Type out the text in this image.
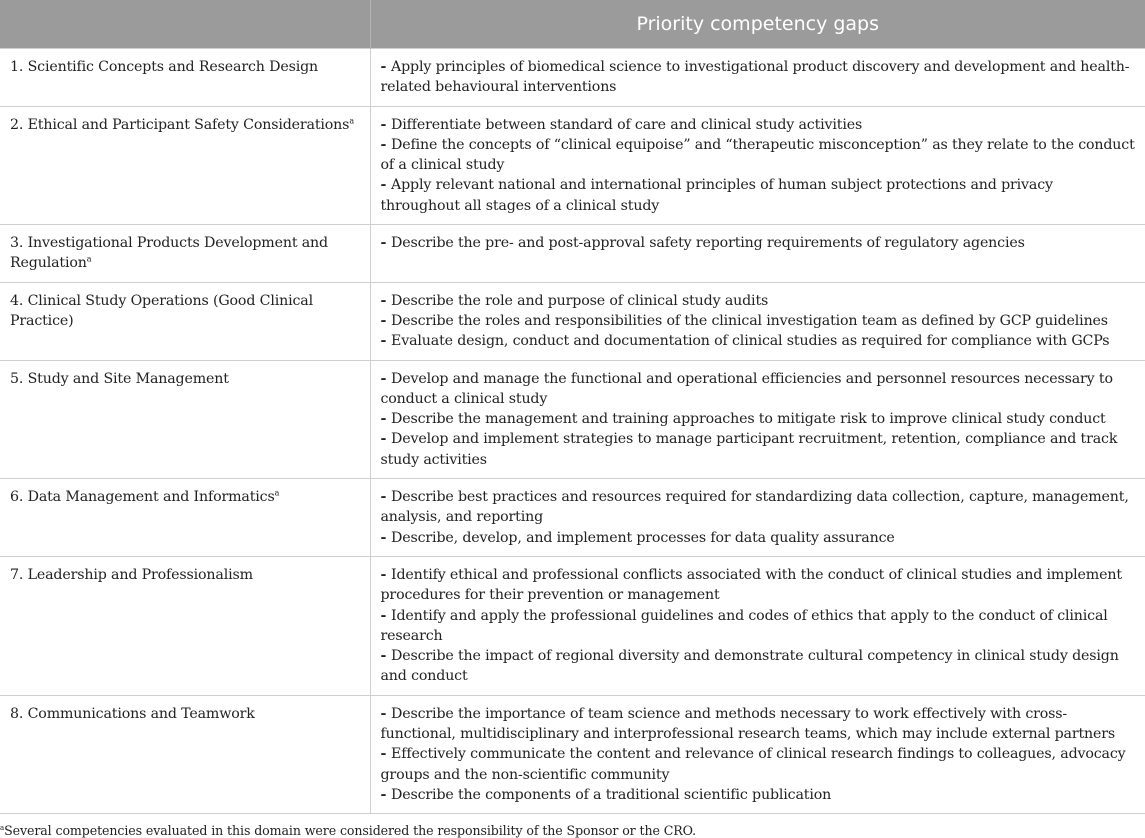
	Priority competency gaps
1. Scientific Concepts and Research Design	- Apply principles of biomedical science to investigational product discovery and development and health-related behavioural interventions

2. Ethical and Participant Safety Considerations$^a$	- Differentiate between standard of care and clinical study activities
- Define the concepts of “clinical equipoise” and “therapeutic misconception” as they relate to the conduct of a clinical study
- Apply relevant national and international principles of human subject protections and privacy throughout all stages of a clinical study

3. Investigational Products Development and Regulation$^a$	- Describe the pre- and post-approval safety reporting requirements of regulatory agencies

4. Clinical Study Operations (Good Clinical Practice)	- Describe the role and purpose of clinical study audits
- Describe the roles and responsibilities of the clinical investigation team as defined by GCP guidelines
- Evaluate design, conduct and documentation of clinical studies as required for compliance with GCPs

5. Study and Site Management	- Develop and manage the functional and operational efficiencies and personnel resources necessary to conduct a clinical study
- Describe the management and training approaches to mitigate risk to improve clinical study conduct
- Develop and implement strategies to manage participant recruitment, retention, compliance and track study activities

6. Data Management and Informatics$^a$	- Describe best practices and resources required for standardizing data collection, capture, management, analysis, and reporting
- Describe, develop, and implement processes for data quality assurance

7. Leadership and Professionalism	- Identify ethical and professional conflicts associated with the conduct of clinical studies and implement procedures for their prevention or management
- Identify and apply the professional guidelines and codes of ethics that apply to the conduct of clinical research
- Describe the impact of regional diversity and demonstrate cultural competency in clinical study design and conduct

8. Communications and Teamwork	- Describe the importance of team science and methods necessary to work effectively with cross-functional, multidisciplinary and interprofessional research teams, which may include external partners
- Effectively communicate the content and relevance of clinical research findings to colleagues, advocacy groups and the non-scientific community
- Describe the components of a traditional scientific publication
$^a$Several competencies evaluated in this domain were considered the responsibility of the Sponsor or the CRO.
